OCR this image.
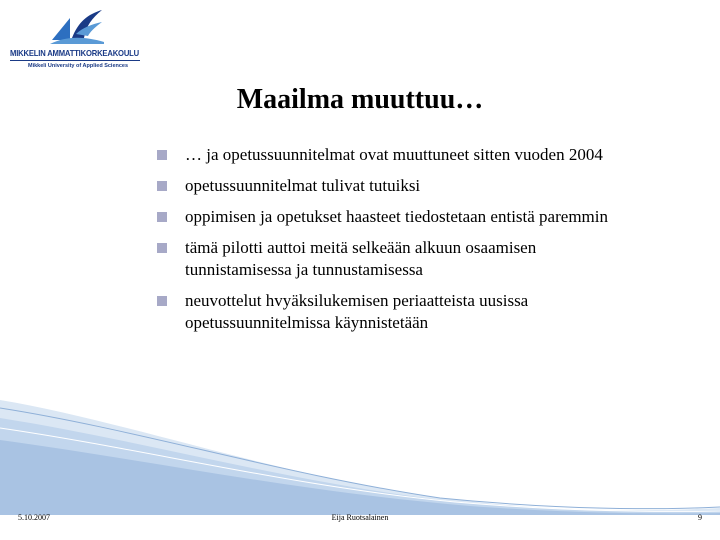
MIKKELIN AMMATTIKORKEAKOULU
Mikkeli University of Applied Sciences
Maailma muuttuu…
… ja opetussuunnitelmat ovat muuttuneet sitten vuoden 2004
opetussuunnitelmat tulivat tutuiksi
oppimisen ja opetukset haasteet tiedostetaan entistä paremmin
tämä pilotti auttoi meitä selkeään alkuun osaamisen tunnistamisessa ja tunnustamisessa
neuvottelut hvyäksilukemisen periaatteista uusissa opetussuunnitelmissa käynnistetään
5.10.2007	Eija Ruotsalainen	9
